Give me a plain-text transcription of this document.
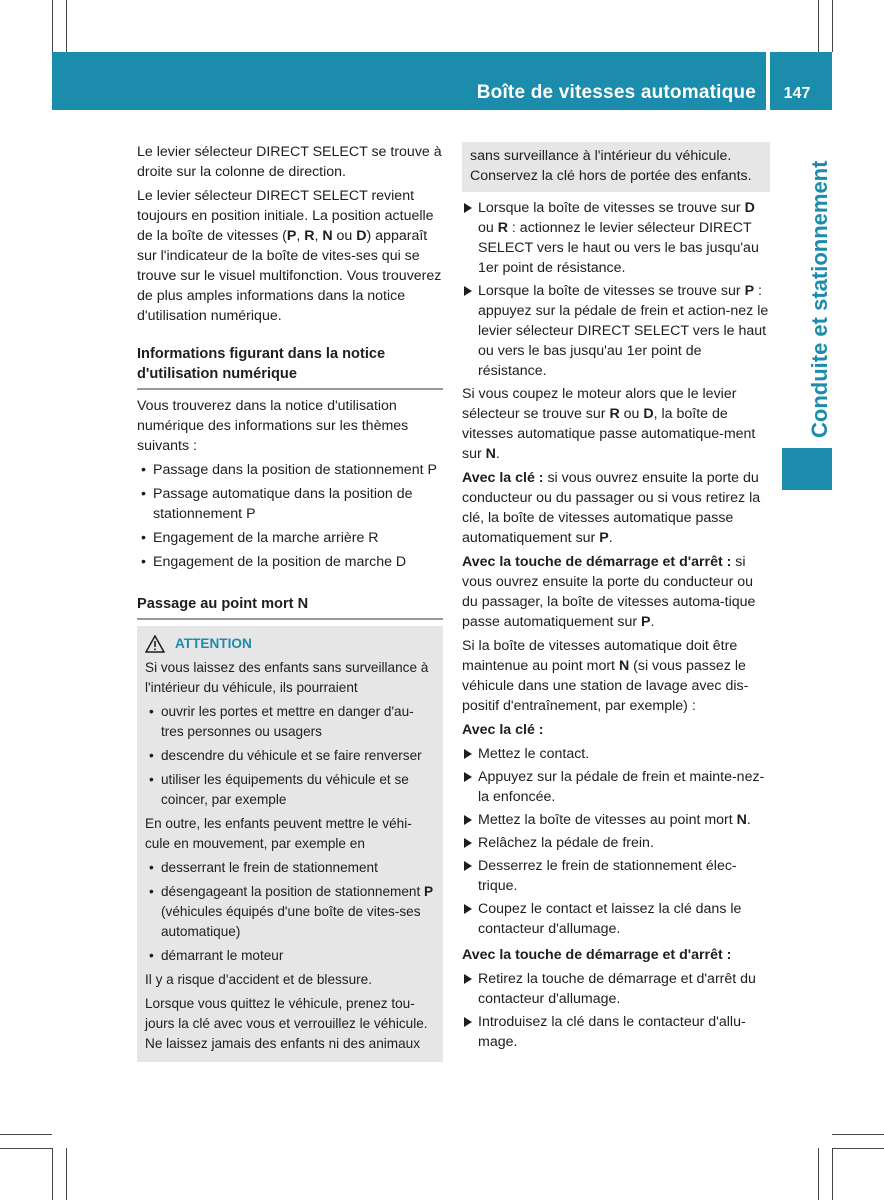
Boîte de vitesses automatique	147
Conduite et stationnement

Le levier sélecteur DIRECT SELECT se trouve à droite sur la colonne de direction.

Le levier sélecteur DIRECT SELECT revient toujours en position initiale. La position actuelle de la boîte de vitesses (P, R, N ou D) apparaît sur l'indicateur de la boîte de vites-ses qui se trouve sur le visuel multifonction. Vous trouverez de plus amples informations dans la notice d'utilisation numérique.

Informations figurant dans la notice d'utilisation numérique

Vous trouverez dans la notice d'utilisation numérique des informations sur les thèmes suivants :

• Passage dans la position de stationnement P
• Passage automatique dans la position de stationnement P
• Engagement de la marche arrière R
• Engagement de la position de marche D
Passage au point mort N
ATTENTION

Si vous laissez des enfants sans surveillance à l'intérieur du véhicule, ils pourraient

• ouvrir les portes et mettre en danger d'au-tres personnes ou usagers
• descendre du véhicule et se faire renverser
• utiliser les équipements du véhicule et se coincer, par exemple

En outre, les enfants peuvent mettre le véhi-cule en mouvement, par exemple en

• desserrant le frein de stationnement
• désengageant la position de stationnement P (véhicules équipés d'une boîte de vites-ses automatique)
• démarrant le moteur

Il y a risque d'accident et de blessure.

Lorsque vous quittez le véhicule, prenez tou-jours la clé avec vous et verrouillez le véhicule. Ne laissez jamais des enfants ni des animaux

sans surveillance à l'intérieur du véhicule. Conservez la clé hors de portée des enfants.
Lorsque la boîte de vitesses se trouve sur D ou R : actionnez le levier sélecteur DIRECT SELECT vers le haut ou vers le bas jusqu'au 1er point de résistance.
Lorsque la boîte de vitesses se trouve sur P : appuyez sur la pédale de frein et action-nez le levier sélecteur DIRECT SELECT vers le haut ou vers le bas jusqu'au 1er point de résistance.

Si vous coupez le moteur alors que le levier sélecteur se trouve sur R ou D, la boîte de vitesses automatique passe automatique-ment sur N.

Avec la clé : si vous ouvrez ensuite la porte du conducteur ou du passager ou si vous retirez la clé, la boîte de vitesses automatique passe automatiquement sur P.

Avec la touche de démarrage et d'arrêt : si vous ouvrez ensuite la porte du conducteur ou du passager, la boîte de vitesses automa-tique passe automatiquement sur P.

Si la boîte de vitesses automatique doit être maintenue au point mort N (si vous passez le véhicule dans une station de lavage avec dis-positif d'entraînement, par exemple) :

Avec la clé :

Mettez le contact.
Appuyez sur la pédale de frein et mainte-nez-la enfoncée.
Mettez la boîte de vitesses au point mort N.
Relâchez la pédale de frein.
Desserrez le frein de stationnement élec-trique.
Coupez le contact et laissez la clé dans le contacteur d'allumage.

Avec la touche de démarrage et d'arrêt :

Retirez la touche de démarrage et d'arrêt du contacteur d'allumage.
Introduisez la clé dans le contacteur d'allu-mage.
